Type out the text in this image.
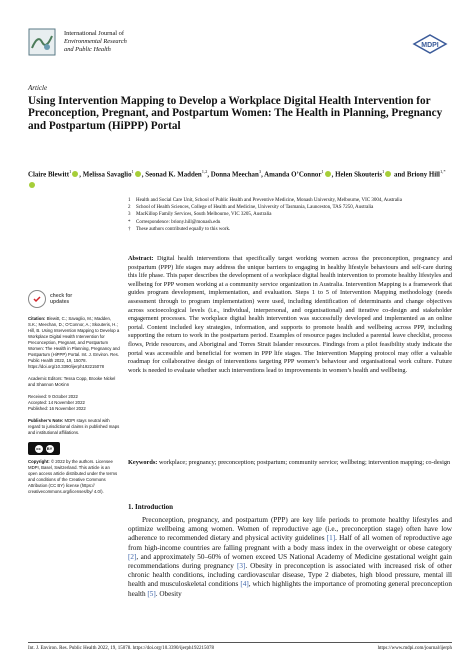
International Journal of
Environmental Research
and Public Health
MDPI
Article
Using Intervention Mapping to Develop a Workplace Digital Health Intervention for Preconception, Pregnant, and Postpartum Women: The Health in Planning, Pregnancy and Postpartum (HiPPP) Portal
Claire Blewitt$^1$ , Melissa Savaglio$^1$ , Seonad K. Madden$^{1,2}$, Donna Meechan$^3$, Amanda O’Connor$^1$ , Helen Skouteris$^1$ and Briony Hill$^{1,*}$
1	Health and Social Care Unit, School of Public Health and Preventive Medicine, Monash University, Melbourne, VIC 3004, Australia
2	School of Health Sciences, College of Health and Medicine, University of Tasmania, Launceston, TAS 7250, Australia
3	MacKillop Family Services, South Melbourne, VIC 3205, Australia
*	Correspondence: briony.hill@monash.edu
†	These authors contributed equally to this work.
Abstract: Digital health interventions that specifically target working women across the preconception, pregnancy and postpartum (PPP) life stages may address the unique barriers to engaging in healthy lifestyle behaviours and self-care during this life phase. This paper describes the development of a workplace digital health intervention to promote healthy lifestyles and wellbeing for PPP women working at a community service organization in Australia. Intervention Mapping is a framework that guides program development, implementation, and evaluation. Steps 1 to 5 of Intervention Mapping methodology (needs assessment through to program implementation) were used, including identification of determinants and change objectives across socioecological levels (i.e., individual, interpersonal, and organisational) and iterative co-design and stakeholder engagement processes. The workplace digital health intervention was successfully developed and implemented as an online portal. Content included key strategies, information, and supports to promote health and wellbeing across PPP, including supporting the return to work in the postpartum period. Examples of resource pages included a parental leave checklist, process flows, Pride resources, and Aboriginal and Torres Strait Islander resources. Findings from a pilot feasibility study indicate the portal was accessible and beneficial for women in PPP life stages. The Intervention Mapping protocol may offer a valuable roadmap for collaborative design of interventions targeting PPP women’s behaviour and organisational work culture. Future work is needed to evaluate whether such interventions lead to improvements in women’s health and wellbeing.
Keywords: workplace; pregnancy; preconception; postpartum; community service; wellbeing; intervention mapping; co-design
1. Introduction
Preconception, pregnancy, and postpartum (PPP) are key life periods to promote healthy lifestyles and optimize wellbeing among women. Women of reproductive age (i.e., preconception stage) often have low adherence to recommended dietary and physical activity guidelines [1]. Half of all women of reproductive age from high-income countries are falling pregnant with a body mass index in the overweight or obese category [2], and approximately 50–60% of women exceed US National Academy of Medicine gestational weight gain recommendations during pregnancy [3]. Obesity in preconception is associated with increased risk of other chronic health conditions, including cardiovascular disease, Type 2 diabetes, high blood pressure, mental ill health and musculoskeletal conditions [4], which highlights the importance of promoting general preconception health [5]. Obesity
check for
updates
Citation: Blewitt, C.; Savaglio, M.; Madden, S.K.; Meechan, D.; O’Connor, A.; Skouteris, H.; Hill, B. Using Intervention Mapping to Develop a Workplace Digital Health Intervention for Preconception, Pregnant, and Postpartum Women: The Health in Planning, Pregnancy and Postpartum (HiPPP) Portal. Int. J. Environ. Res. Public Health 2022, 19, 15078. https://doi.org/10.3390/ijerph192215078
Academic Editors: Tessa Copp, Brooke Nickel and Shannon McKinn
Received: 9 October 2022
Accepted: 14 November 2022
Published: 16 November 2022
Publisher’s Note: MDPI stays neutral with regard to jurisdictional claims in published maps and institutional affiliations.
cc	BY
Copyright: © 2022 by the authors. Licensee MDPI, Basel, Switzerland. This article is an open access article distributed under the terms and conditions of the Creative Commons Attribution (CC BY) license (https:// creativecommons.org/licenses/by/ 4.0/).
Int. J. Environ. Res. Public Health 2022, 19, 15078. https://doi.org/10.3390/ijerph192215078	https://www.mdpi.com/journal/ijerph
